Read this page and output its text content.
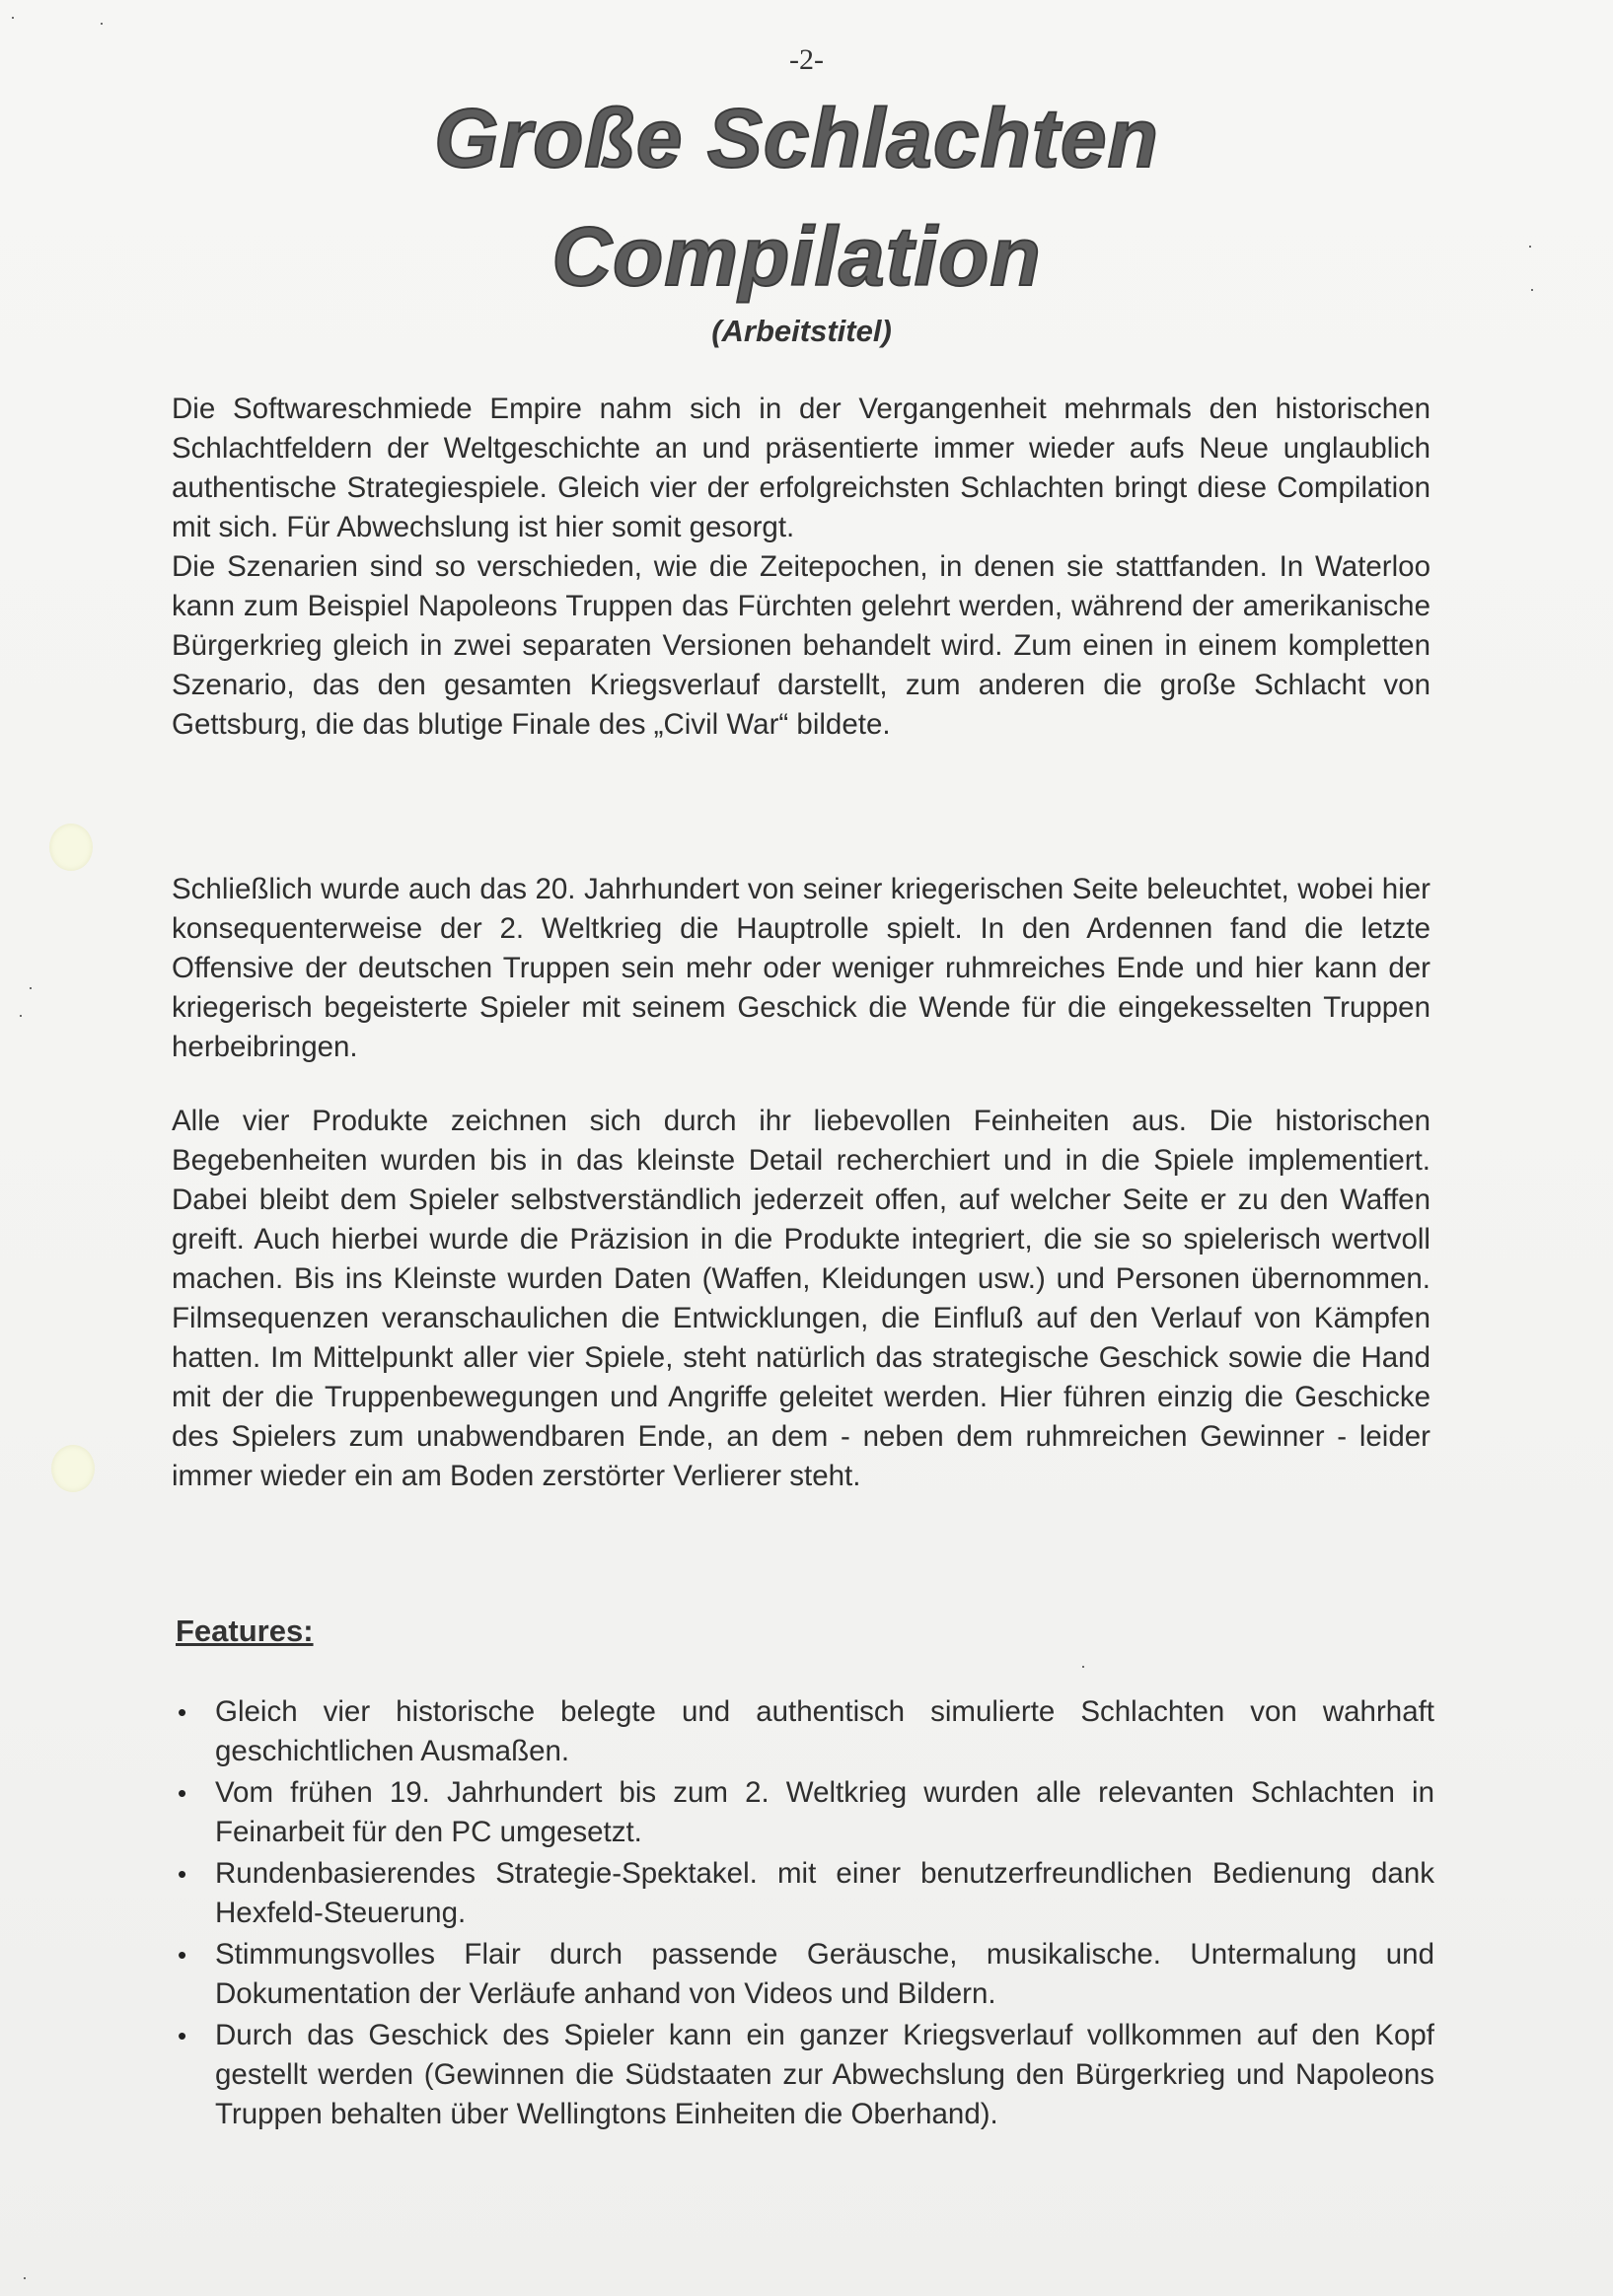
·	·
·
·
·
·
·
·
-2-
Große Schlachten
Compilation
(Arbeitstitel)

Die Softwareschmiede Empire nahm sich in der Vergangenheit mehrmals den historischen Schlachtfeldern der Weltgeschichte an und präsentierte immer wieder aufs Neue unglaublich authentische Strategiespiele. Gleich vier der erfolgreichsten Schlachten bringt diese Compilation mit sich. Für Abwechslung ist hier somit gesorgt.

Die Szenarien sind so verschieden, wie die Zeitepochen, in denen sie stattfanden. In Waterloo kann zum Beispiel Napoleons Truppen das Fürchten gelehrt werden, während der amerikanische Bürgerkrieg gleich in zwei separaten Versionen behandelt wird. Zum einen in einem kompletten Szenario, das den gesamten Kriegsverlauf darstellt, zum anderen die große Schlacht von Gettsburg, die das blutige Finale des „Civil War“ bildete.

Schließlich wurde auch das 20. Jahrhundert von seiner kriegerischen Seite beleuchtet, wobei hier konsequenterweise der 2. Weltkrieg die Hauptrolle spielt. In den Ardennen fand die letzte Offensive der deutschen Truppen sein mehr oder weniger ruhmreiches Ende und hier kann der kriegerisch begeisterte Spieler mit seinem Geschick die Wende für die eingekesselten Truppen herbeibringen.

Alle vier Produkte zeichnen sich durch ihr liebevollen Feinheiten aus. Die historischen Begebenheiten wurden bis in das kleinste Detail recherchiert und in die Spiele implementiert. Dabei bleibt dem Spieler selbstverständlich jederzeit offen, auf welcher Seite er zu den Waffen greift. Auch hierbei wurde die Präzision in die Produkte integriert, die sie so spielerisch wertvoll machen. Bis ins Kleinste wurden Daten (Waffen, Kleidungen usw.) und Personen übernommen. Filmsequenzen veranschaulichen die Entwicklungen, die Einfluß auf den Verlauf von Kämpfen hatten. Im Mittelpunkt aller vier Spiele, steht natürlich das strategische Geschick sowie die Hand mit der die Truppenbewegungen und Angriffe geleitet werden. Hier führen einzig die Geschicke des Spielers zum unabwendbaren Ende, an dem - neben dem ruhmreichen Gewinner - leider immer wieder ein am Boden zerstörter Verlierer steht.

Features:
• Gleich vier historische belegte und authentisch simulierte Schlachten von wahrhaft geschichtlichen Ausmaßen.
• Vom frühen 19. Jahrhundert bis zum 2. Weltkrieg wurden alle relevanten Schlachten in Feinarbeit für den PC umgesetzt.
• Rundenbasierendes Strategie-Spektakel. mit einer benutzerfreundlichen Bedienung dank Hexfeld-Steuerung.
• Stimmungsvolles Flair durch passende Geräusche, musikalische. Untermalung und Dokumentation der Verläufe anhand von Videos und Bildern.
• Durch das Geschick des Spieler kann ein ganzer Kriegsverlauf vollkommen auf den Kopf gestellt werden (Gewinnen die Südstaaten zur Abwechslung den Bürgerkrieg und Napoleons Truppen behalten über Wellingtons Einheiten die Oberhand).
